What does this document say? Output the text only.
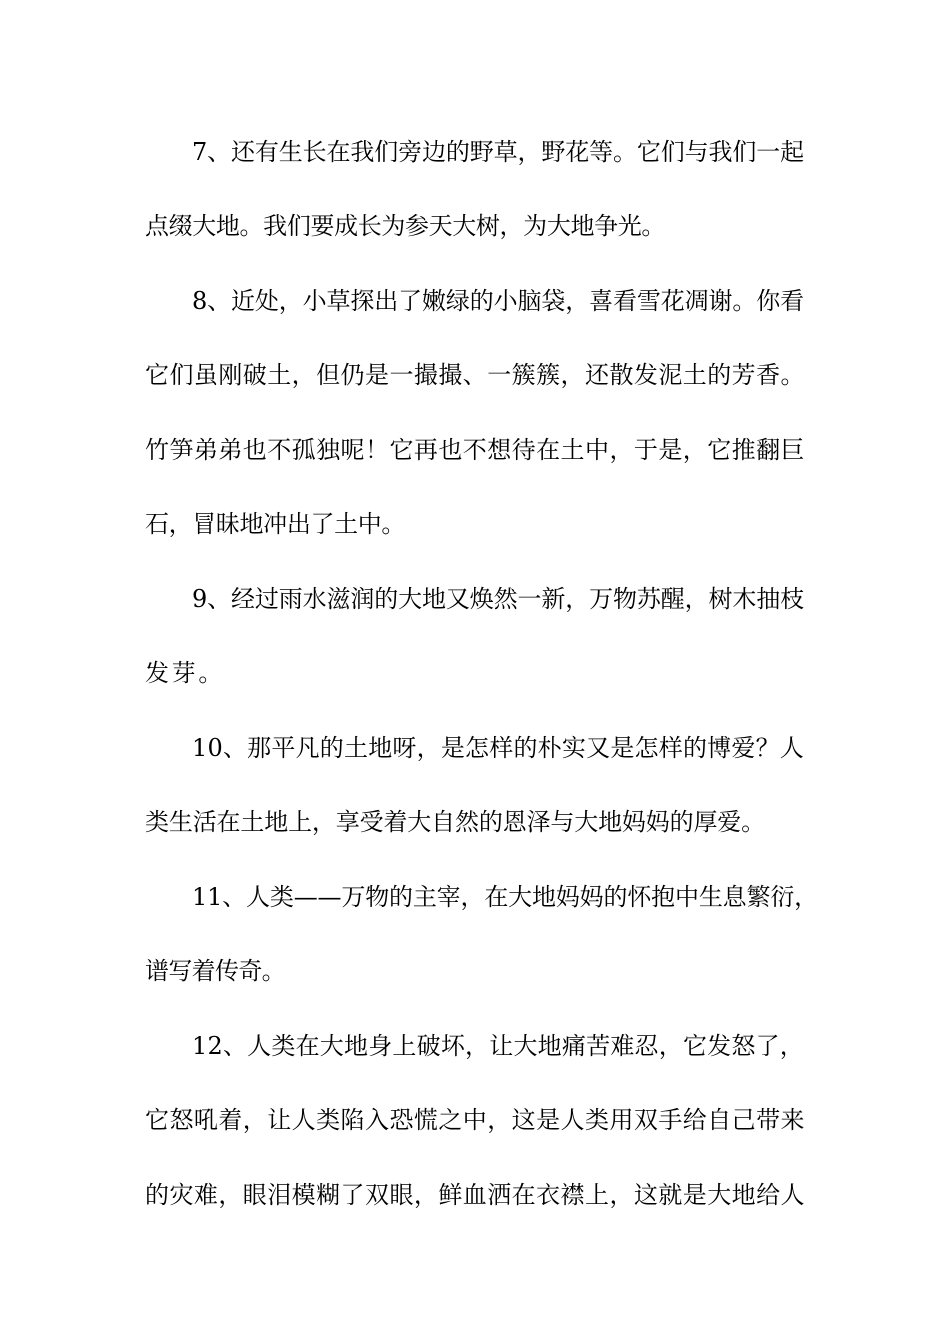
7、还有生长在我们旁边的野草，野花等。它们与我们一起
点缀大地。我们要成长为参天大树，为大地争光。
8、近处，小草探出了嫩绿的小脑袋，喜看雪花凋谢。你看
它们虽刚破土，但仍是一撮撮、一簇簇，还散发泥土的芳香。
竹笋弟弟也不孤独呢！它再也不想待在土中，于是，它推翻巨
石，冒昧地冲出了土中。
9、经过雨水滋润的大地又焕然一新，万物苏醒，树木抽枝
发芽。
10、那平凡的土地呀，是怎样的朴实又是怎样的博爱？人
类生活在土地上，享受着大自然的恩泽与大地妈妈的厚爱。
11、人类——万物的主宰，在大地妈妈的怀抱中生息繁衍，
谱写着传奇。
12、人类在大地身上破坏，让大地痛苦难忍，它发怒了，
它怒吼着，让人类陷入恐慌之中，这是人类用双手给自己带来
的灾难，眼泪模糊了双眼，鲜血洒在衣襟上，这就是大地给人
